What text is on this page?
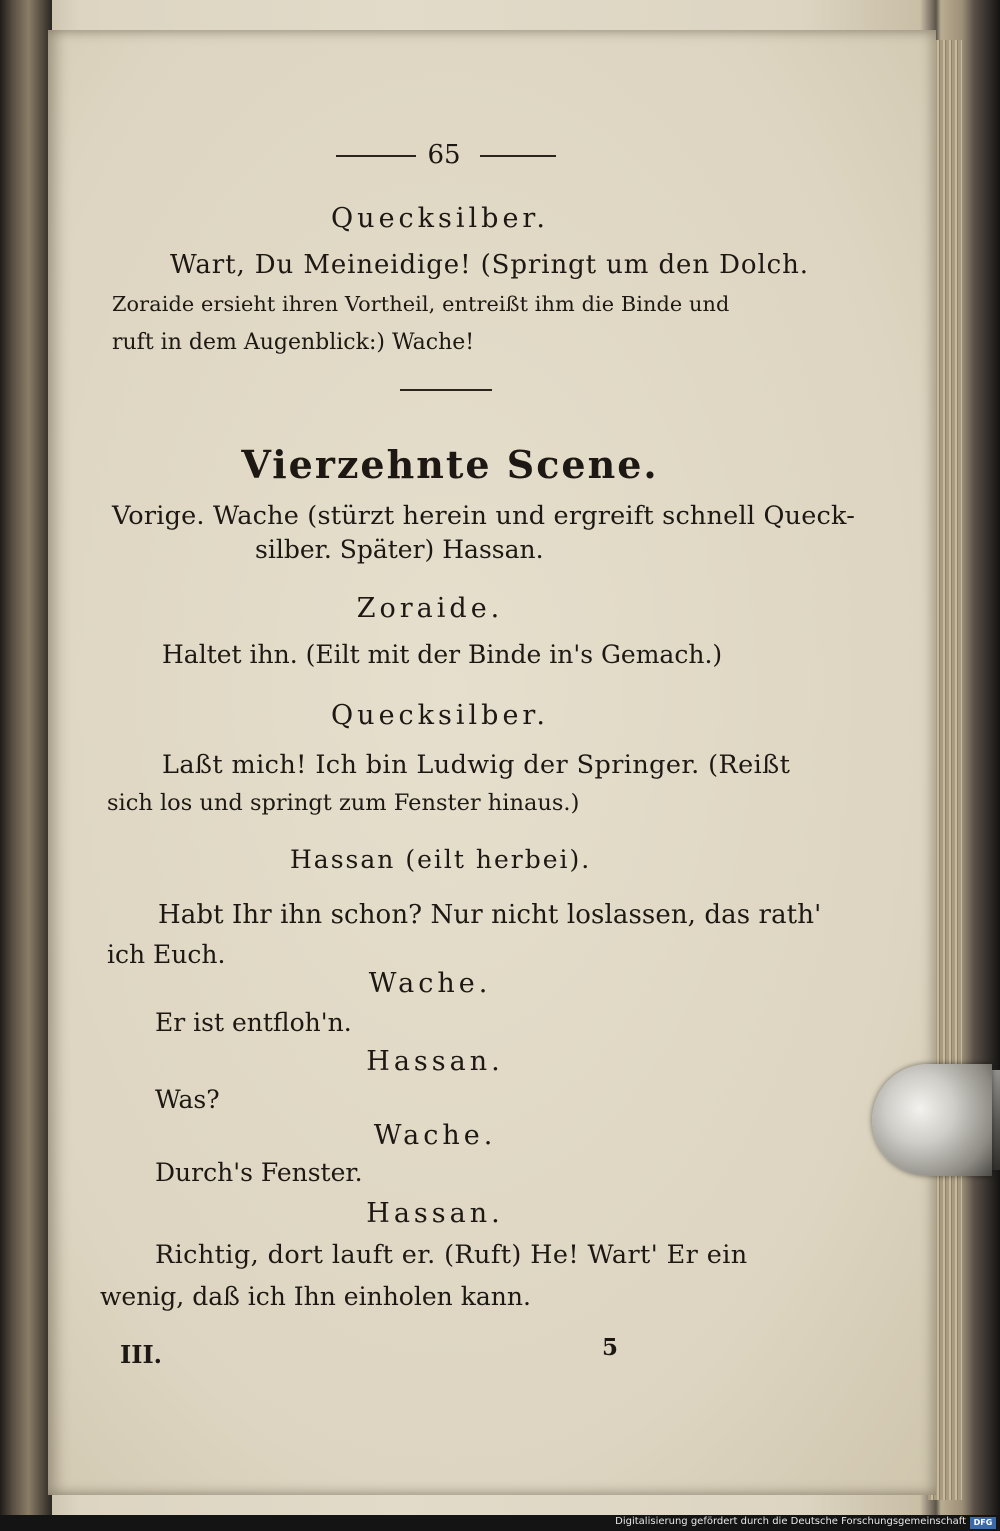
65
Quecksilber.
Wart, Du Meineidige! (Springt um den Dolch.
Zoraide ersieht ihren Vortheil, entreißt ihm die Binde und
ruft in dem Augenblick:) Wache!
Vierzehnte Scene.
Vorige. Wache (stürzt herein und ergreift schnell Queck-
silber. Später) Hassan.
Zoraide.
Haltet ihn. (Eilt mit der Binde in's Gemach.)
Quecksilber.
Laßt mich! Ich bin Ludwig der Springer. (Reißt
sich los und springt zum Fenster hinaus.)
Hassan (eilt herbei).
Habt Ihr ihn schon? Nur nicht loslassen, das rath'
ich Euch.
Wache.
Er ist entfloh'n.
Hassan.
Was?
Wache.
Durch's Fenster.
Hassan.
Richtig, dort lauft er. (Ruft) He! Wart' Er ein
wenig, daß ich Ihn einholen kann.
III.	5
Digitalisierung gefördert durch die Deutsche Forschungsgemeinschaft DFG
